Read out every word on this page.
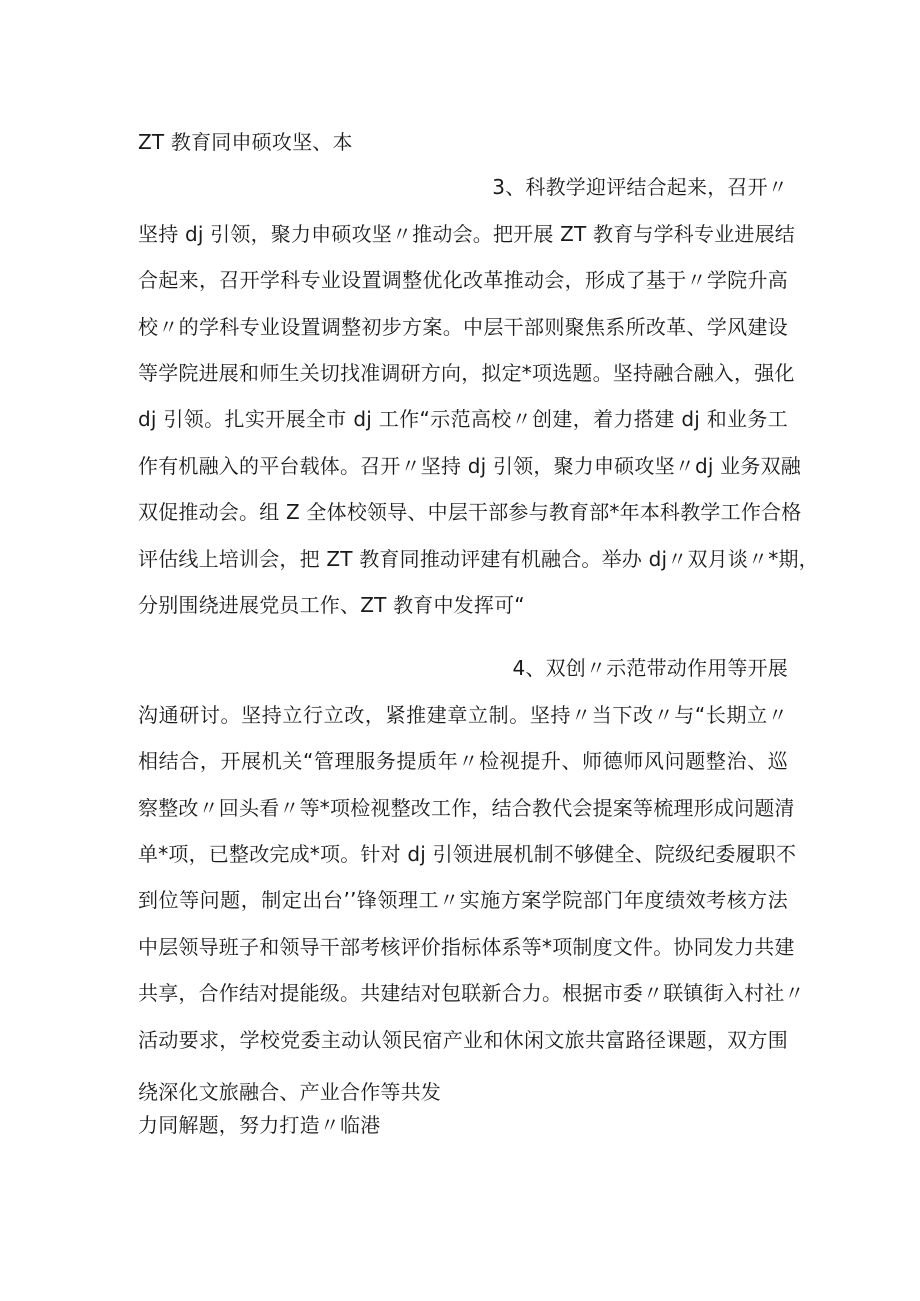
ZT 教育同申硕攻坚、本
3、科教学迎评结合起来，召开〃
坚持 dj 引领，聚力申硕攻坚〃推动会。把开展 ZT 教育与学科专业进展结
合起来，召开学科专业设置调整优化改革推动会，形成了基于〃学院升高
校〃的学科专业设置调整初步方案。中层干部则聚焦系所改革、学风建设
等学院进展和师生关切找准调研方向，拟定*项选题。坚持融合融入，强化
dj 引领。扎实开展全市 dj 工作“示范高校〃创建，着力搭建 dj 和业务工
作有机融入的平台载体。召开〃坚持 dj 引领，聚力申硕攻坚〃dj 业务双融
双促推动会。组 Z 全体校领导、中层干部参与教育部*年本科教学工作合格
评估线上培训会，把 ZT 教育同推动评建有机融合。举办 dj〃双月谈〃*期，
分别围绕进展党员工作、ZT 教育中发挥可“
4、双创〃示范带动作用等开展
沟通研讨。坚持立行立改，紧推建章立制。坚持〃当下改〃与“长期立〃
相结合，开展机关“管理服务提质年〃检视提升、师德师风问题整治、巡
察整改〃回头看〃等*项检视整改工作，结合教代会提案等梳理形成问题清
单*项，已整改完成*项。针对 dj 引领进展机制不够健全、院级纪委履职不
到位等问题，制定出台’’锋领理工〃实施方案学院部门年度绩效考核方法
中层领导班子和领导干部考核评价指标体系等*项制度文件。协同发力共建
共享，合作结对提能级。共建结对包联新合力。根据市委〃联镇街入村社〃
活动要求，学校党委主动认领民宿产业和休闲文旅共富路径课题，双方围
绕深化文旅融合、产业合作等共发
力同解题，努力打造〃临港
